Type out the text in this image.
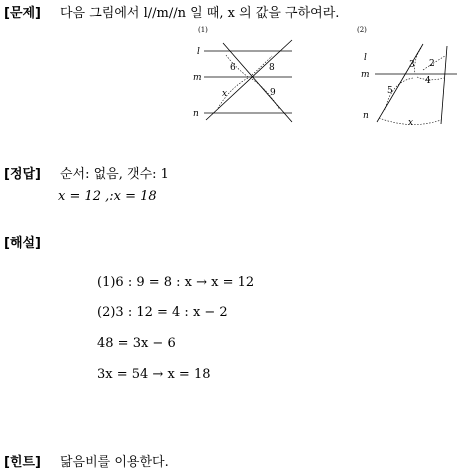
[문제] 다음 그림에서 l//m//n 일 때, x 의 값을 구하여라.
(1)
l
m
n
6	8
x	9
(2)
l
m
n
3 2
4
5
x
[정답] 순서: 없음, 갯수: 1
x = 12 ,:x = 18
[해설]
(1)6 : 9 = 8 : x → x = 12
(2)3 : 12 = 4 : x − 2
48 = 3x − 6
3x = 54 → x = 18
[힌트] 닮음비를 이용한다.
